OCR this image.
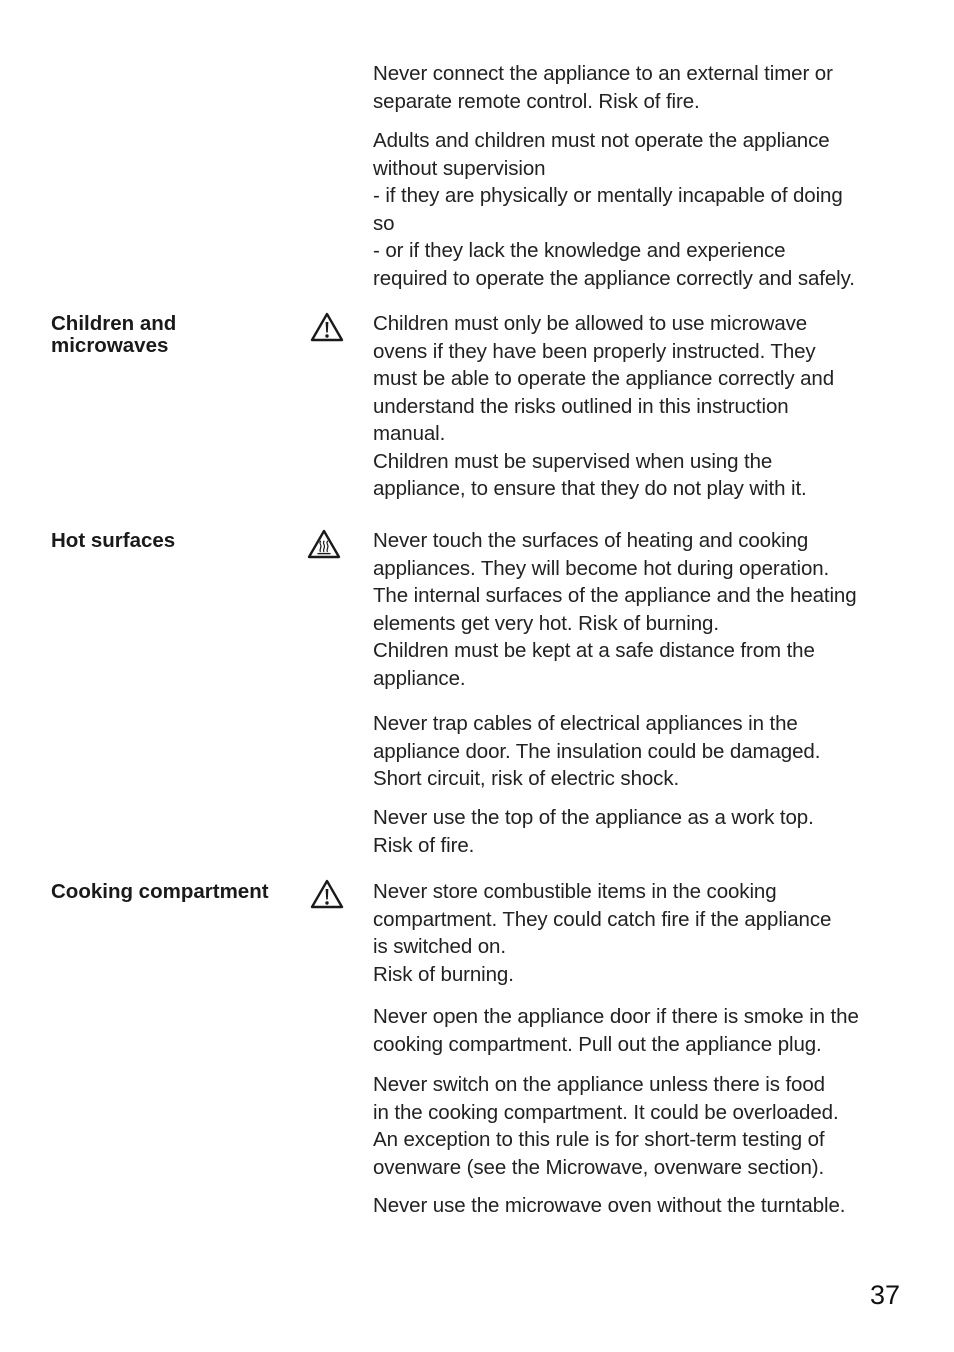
Never connect the appliance to an external timer or
separate remote control. Risk of fire.
Adults and children must not operate the appliance
without supervision
- if they are physically or mentally incapable of doing
so
- or if they lack the knowledge and experience
required to operate the appliance correctly and safely.
Children and
microwaves
Children must only be allowed to use microwave
ovens if they have been properly instructed. They
must be able to operate the appliance correctly and
understand the risks outlined in this instruction
manual.
Children must be supervised when using the
appliance, to ensure that they do not play with it.
Hot surfaces	Never touch the surfaces of heating and cooking
appliances. They will become hot during operation.
The internal surfaces of the appliance and the heating
elements get very hot. Risk of burning.
Children must be kept at a safe distance from the
appliance.
Never trap cables of electrical appliances in the
appliance door. The insulation could be damaged.
Short circuit, risk of electric shock.
Never use the top of the appliance as a work top.
Risk of fire.
Cooking compartment	Never store combustible items in the cooking
compartment. They could catch fire if the appliance
is switched on.
Risk of burning.
Never open the appliance door if there is smoke in the
cooking compartment. Pull out the appliance plug.
Never switch on the appliance unless there is food
in the cooking compartment. It could be overloaded.
An exception to this rule is for short-term testing of
ovenware (see the Microwave, ovenware section).
Never use the microwave oven without the turntable.
37
